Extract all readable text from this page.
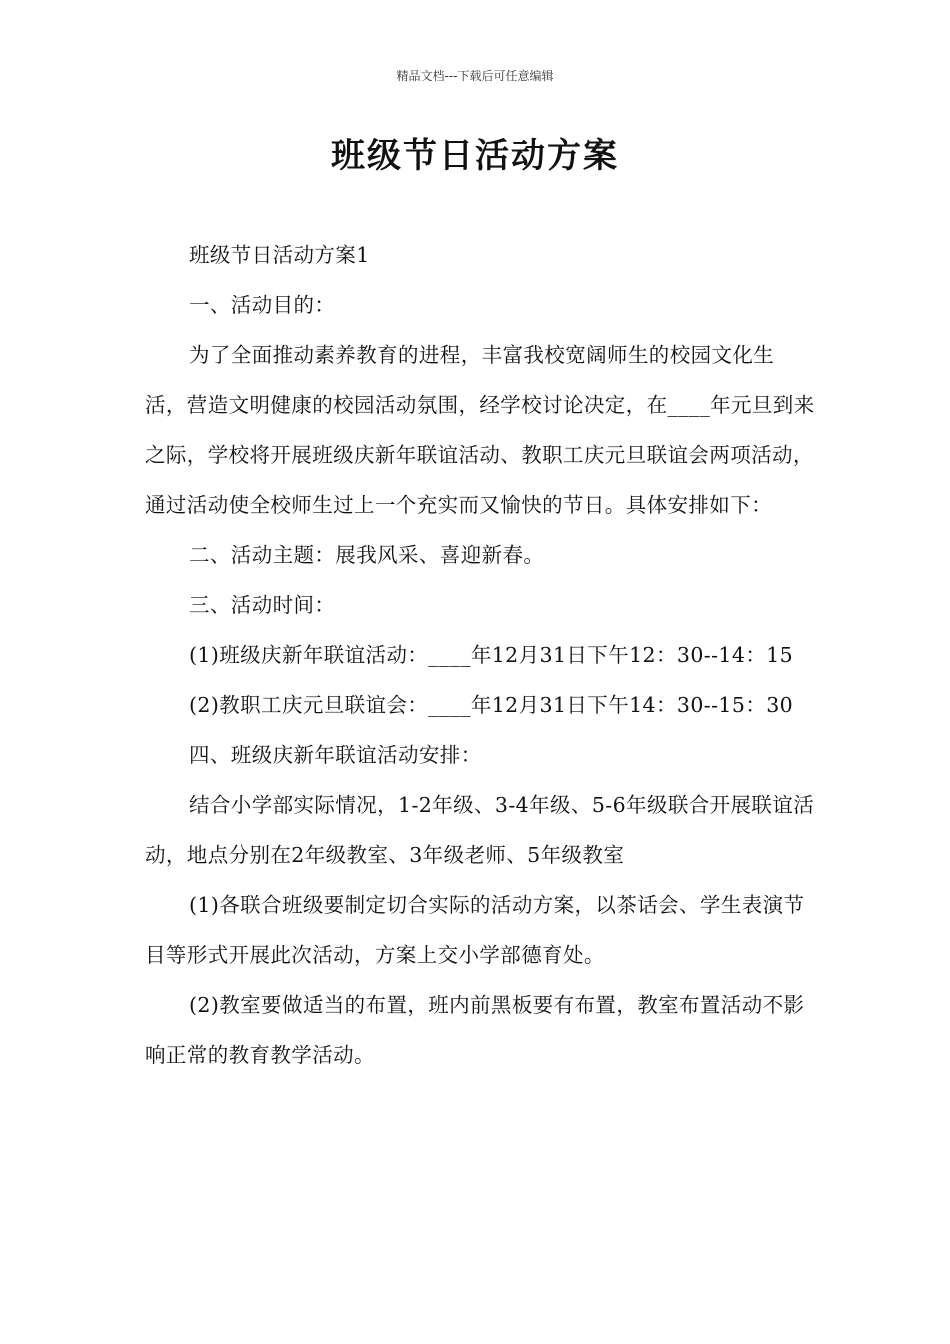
精品文档---下载后可任意编辑
班级节日活动方案

班级节日活动方案1

一、活动目的：

为了全面推动素养教育的进程，丰富我校宽阔师生的校园文化生活，营造文明健康的校园活动氛围，经学校讨论决定，在____年元旦到来之际，学校将开展班级庆新年联谊活动、教职工庆元旦联谊会两项活动，通过活动使全校师生过上一个充实而又愉快的节日。具体安排如下：

二、活动主题：展我风采、喜迎新春。

三、活动时间：

(1)班级庆新年联谊活动：____年12月31日下午12：30--14：15

(2)教职工庆元旦联谊会：____年12月31日下午14：30--15：30

四、班级庆新年联谊活动安排：

结合小学部实际情况，1-2年级、3-4年级、5-6年级联合开展联谊活动，地点分别在2年级教室、3年级老师、5年级教室

(1)各联合班级要制定切合实际的活动方案，以茶话会、学生表演节目等形式开展此次活动，方案上交小学部德育处。

(2)教室要做适当的布置，班内前黑板要有布置，教室布置活动不影响正常的教育教学活动。
